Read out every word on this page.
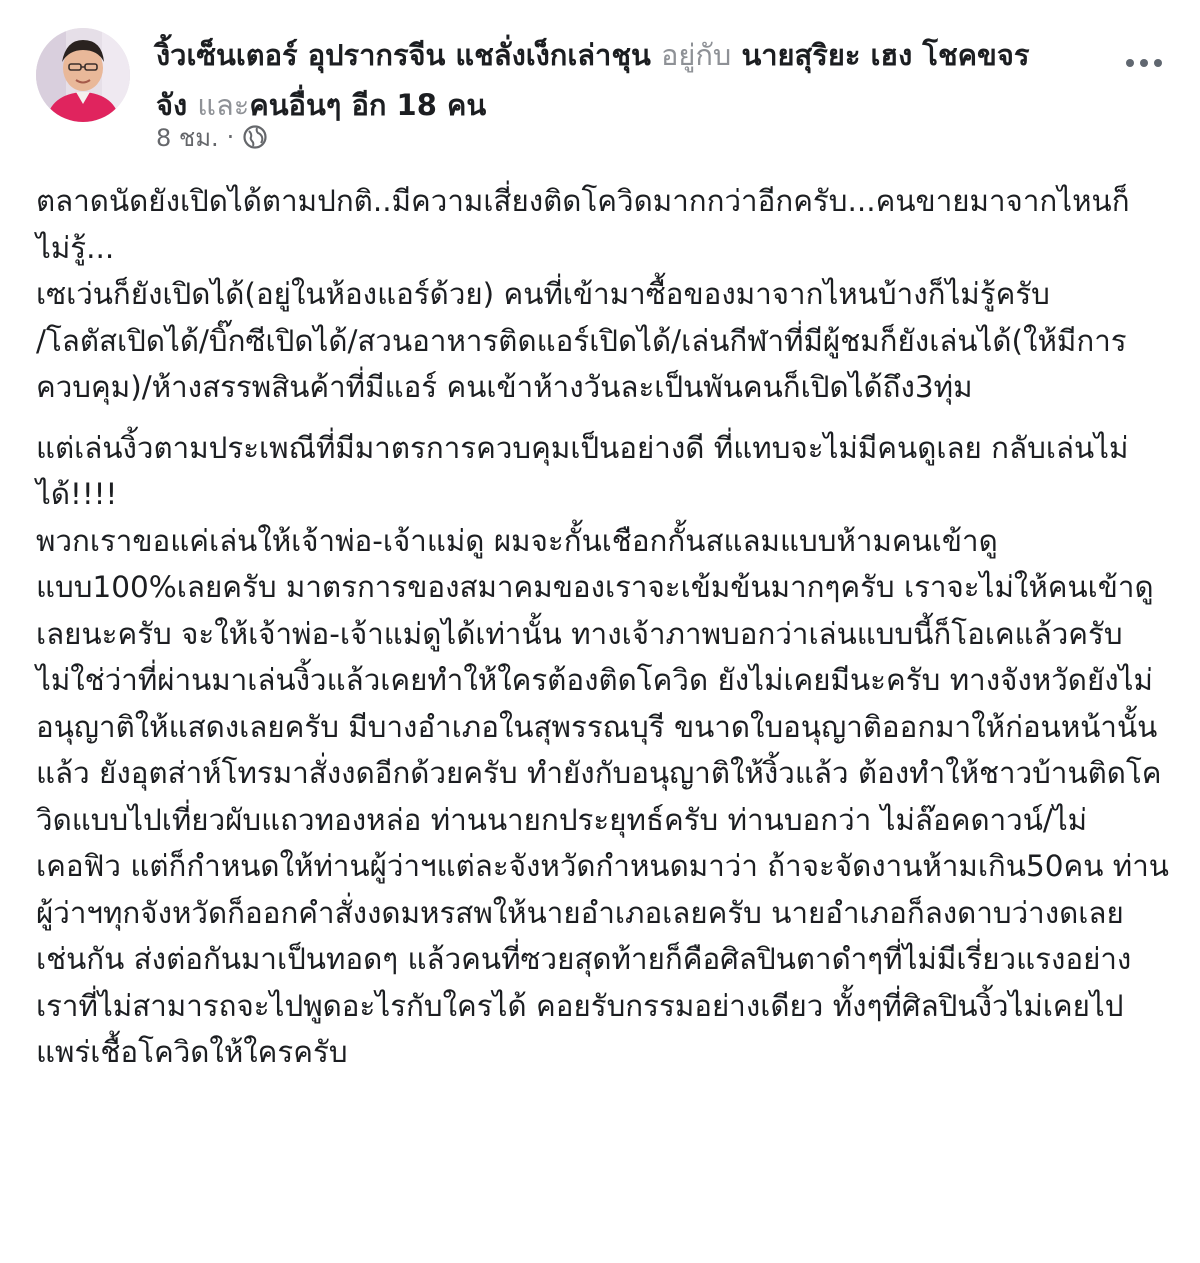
งิ้วเซ็นเตอร์ อุปรากรจีน แชลั่งเง็กเล่าชุน อยู่กับ นายสุริยะ เฮง โชคขจรจัง และคนอื่นๆ อีก 18 คน
8 ชม. ·

ตลาดนัดยังเปิดได้ตามปกติ..มีความเสี่ยงติดโควิดมากกว่าอีกครับ...คนขายมาจากไหนก็ไม่รู้...
เซเว่นก็ยังเปิดได้(อยู่ในห้องแอร์ด้วย) คนที่เข้ามาซื้อของมาจากไหนบ้างก็ไม่รู้ครับ
/โลตัสเปิดได้/บิ๊กซีเปิดได้/สวนอาหารติดแอร์เปิดได้/เล่นกีฬาที่มีผู้ชมก็ยังเล่นได้(ให้มีการควบคุม)/ห้างสรรพสินค้าที่มีแอร์ คนเข้าห้างวันละเป็นพันคนก็เปิดได้ถึง3ทุ่ม

แต่เล่นงิ้วตามประเพณีที่มีมาตรการควบคุมเป็นอย่างดี ที่แทบจะไม่มีคนดูเลย กลับเล่นไม่ได้!!!!
พวกเราขอแค่เล่นให้เจ้าพ่อ-เจ้าแม่ดู ผมจะกั้นเชือกกั้นสแลมแบบห้ามคนเข้าดูแบบ100%เลยครับ มาตรการของสมาคมของเราจะเข้มข้นมากๆครับ เราจะไม่ให้คนเข้าดูเลยนะครับ จะให้เจ้าพ่อ-เจ้าแม่ดูได้เท่านั้น ทางเจ้าภาพบอกว่าเล่นแบบนี้ก็โอเคแล้วครับ ไม่ใช่ว่าที่ผ่านมาเล่นงิ้วแล้วเคยทำให้ใครต้องติดโควิด ยังไม่เคยมีนะครับ ทางจังหวัดยังไม่อนุญาติให้แสดงเลยครับ มีบางอำเภอในสุพรรณบุรี ขนาดใบอนุญาติออกมาให้ก่อนหน้านั้นแล้ว ยังอุตส่าห์โทรมาสั่งงดอีกด้วยครับ ทำยังกับอนุญาติให้งิ้วแล้ว ต้องทำให้ชาวบ้านติดโควิดแบบไปเที่ยวผับแถวทองหล่อ ท่านนายกประยุทธ์ครับ ท่านบอกว่า ไม่ล๊อคดาวน์/ไม่เคอฟิว แต่ก็กำหนดให้ท่านผู้ว่าฯแต่ละจังหวัดกำหนดมาว่า ถ้าจะจัดงานห้ามเกิน50คน ท่านผู้ว่าฯทุกจังหวัดก็ออกคำสั่งงดมหรสพให้นายอำเภอเลยครับ นายอำเภอก็ลงดาบว่างดเลยเช่นกัน ส่งต่อกันมาเป็นทอดๆ แล้วคนที่ซวยสุดท้ายก็คือศิลปินตาดำๆที่ไม่มีเรี่ยวแรงอย่างเราที่ไม่สามารถจะไปพูดอะไรกับใครได้ คอยรับกรรมอย่างเดียว ทั้งๆที่ศิลปินงิ้วไม่เคยไปแพร่เชื้อโควิดให้ใครครับ
